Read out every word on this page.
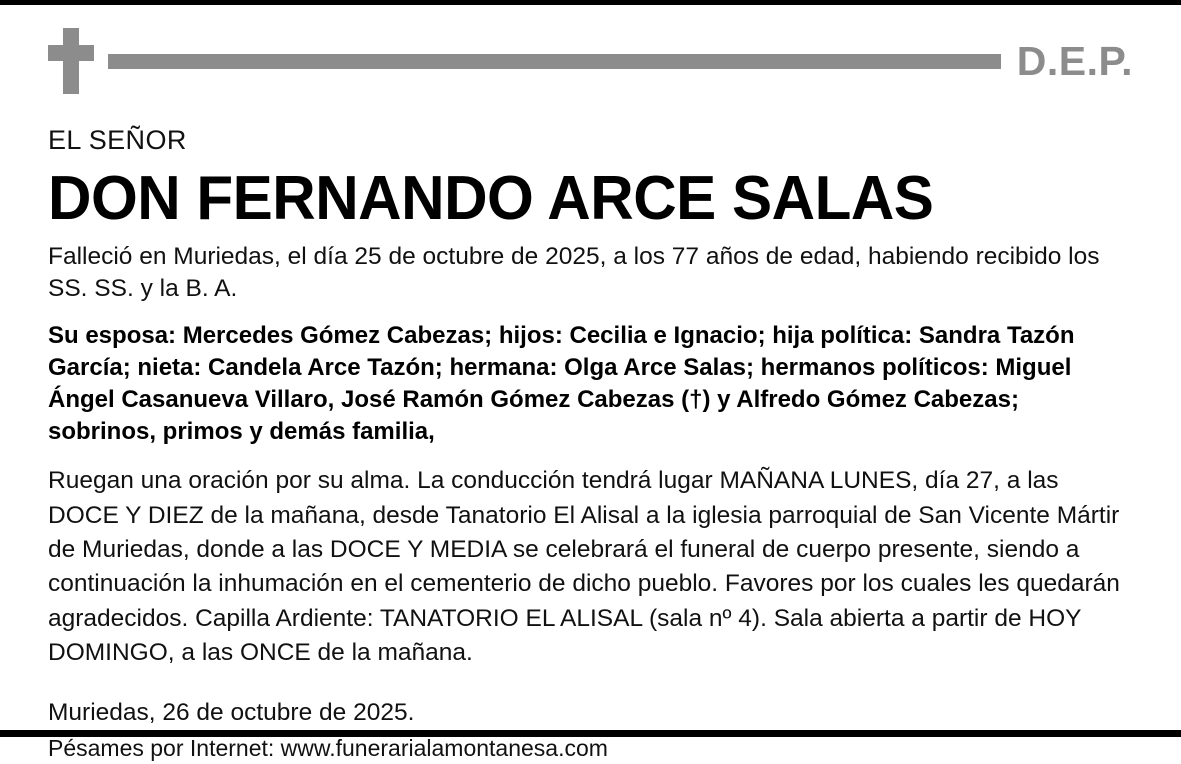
D.E.P.
EL SEÑOR
DON FERNANDO ARCE SALAS
Falleció en Muriedas, el día 25 de octubre de 2025, a los 77 años de edad, habiendo recibido los SS. SS. y la B. A.
Su esposa: Mercedes Gómez Cabezas; hijos: Cecilia e Ignacio; hija política: Sandra Tazón García; nieta: Candela Arce Tazón; hermana: Olga Arce Salas; hermanos políticos: Miguel Ángel Casanueva Villaro, José Ramón Gómez Cabezas (†) y Alfredo Gómez Cabezas; sobrinos, primos y demás familia,
Ruegan una oración por su alma. La conducción tendrá lugar MAÑANA LUNES, día 27, a las DOCE Y DIEZ de la mañana, desde Tanatorio El Alisal a la iglesia parroquial de San Vicente Mártir de Muriedas, donde a las DOCE Y MEDIA se celebrará el funeral de cuerpo presente, siendo a continuación la inhumación en el cementerio de dicho pueblo. Favores por los cuales les quedarán agradecidos. Capilla Ardiente: TANATORIO EL ALISAL (sala nº 4). Sala abierta a partir de HOY DOMINGO, a las ONCE de la mañana.
Muriedas, 26 de octubre de 2025.
Pésames por Internet: www.funerarialamontanesa.com
